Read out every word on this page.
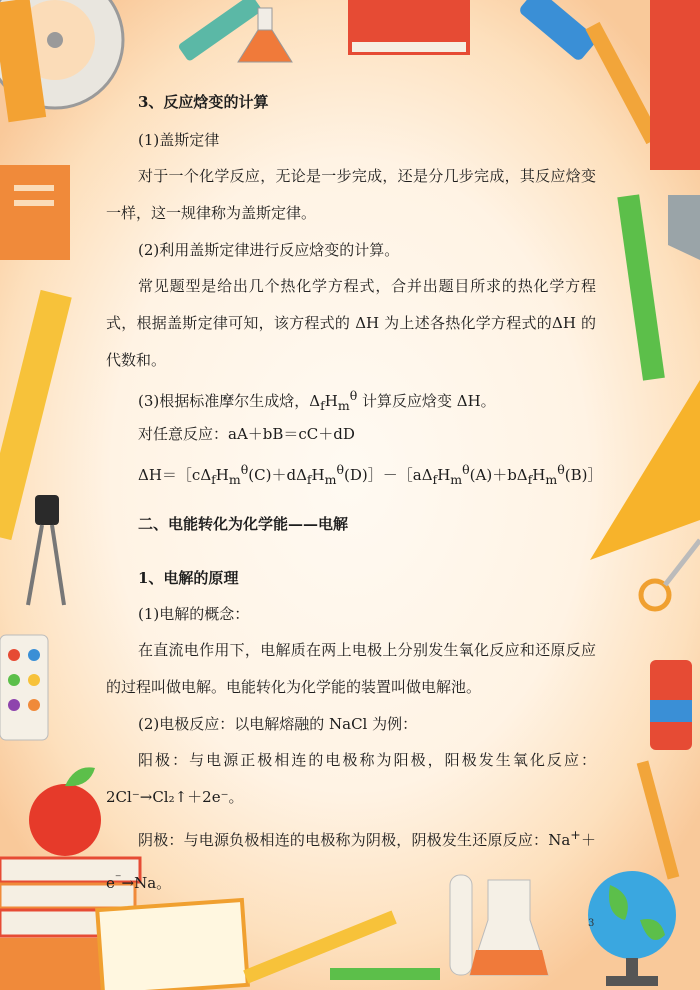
3、反应焓变的计算

(1)盖斯定律

对于一个化学反应，无论是一步完成，还是分几步完成，其反应焓变一样，这一规律称为盖斯定律。

(2)利用盖斯定律进行反应焓变的计算。

常见题型是给出几个热化学方程式，合并出题目所求的热化学方程式，根据盖斯定律可知，该方程式的 ΔH 为上述各热化学方程式的ΔH 的代数和。

(3)根据标准摩尔生成焓，$\Delta_fH_m^\theta$ 计算反应焓变 ΔH。

对任意反应：aA＋bB＝cC＋dD

$\Delta H=[c\Delta_fH_m^\theta(C)+d\Delta_fH_m^\theta(D)]-[a\Delta_fH_m^\theta(A)+b\Delta_fH_m^\theta(B)]$

二、电能转化为化学能——电解

1、电解的原理

(1)电解的概念：

在直流电作用下，电解质在两上电极上分别发生氧化反应和还原反应的过程叫做电解。电能转化为化学能的装置叫做电解池。

(2)电极反应：以电解熔融的 NaCl 为例：

阳极：与电源正极相连的电极称为阳极，阳极发生氧化反应：2Cl⁻→Cl₂↑＋2e⁻。

阴极：与电源负极相连的电极称为阴极，阴极发生还原反应：Na+＋e⁻→Na。

3
